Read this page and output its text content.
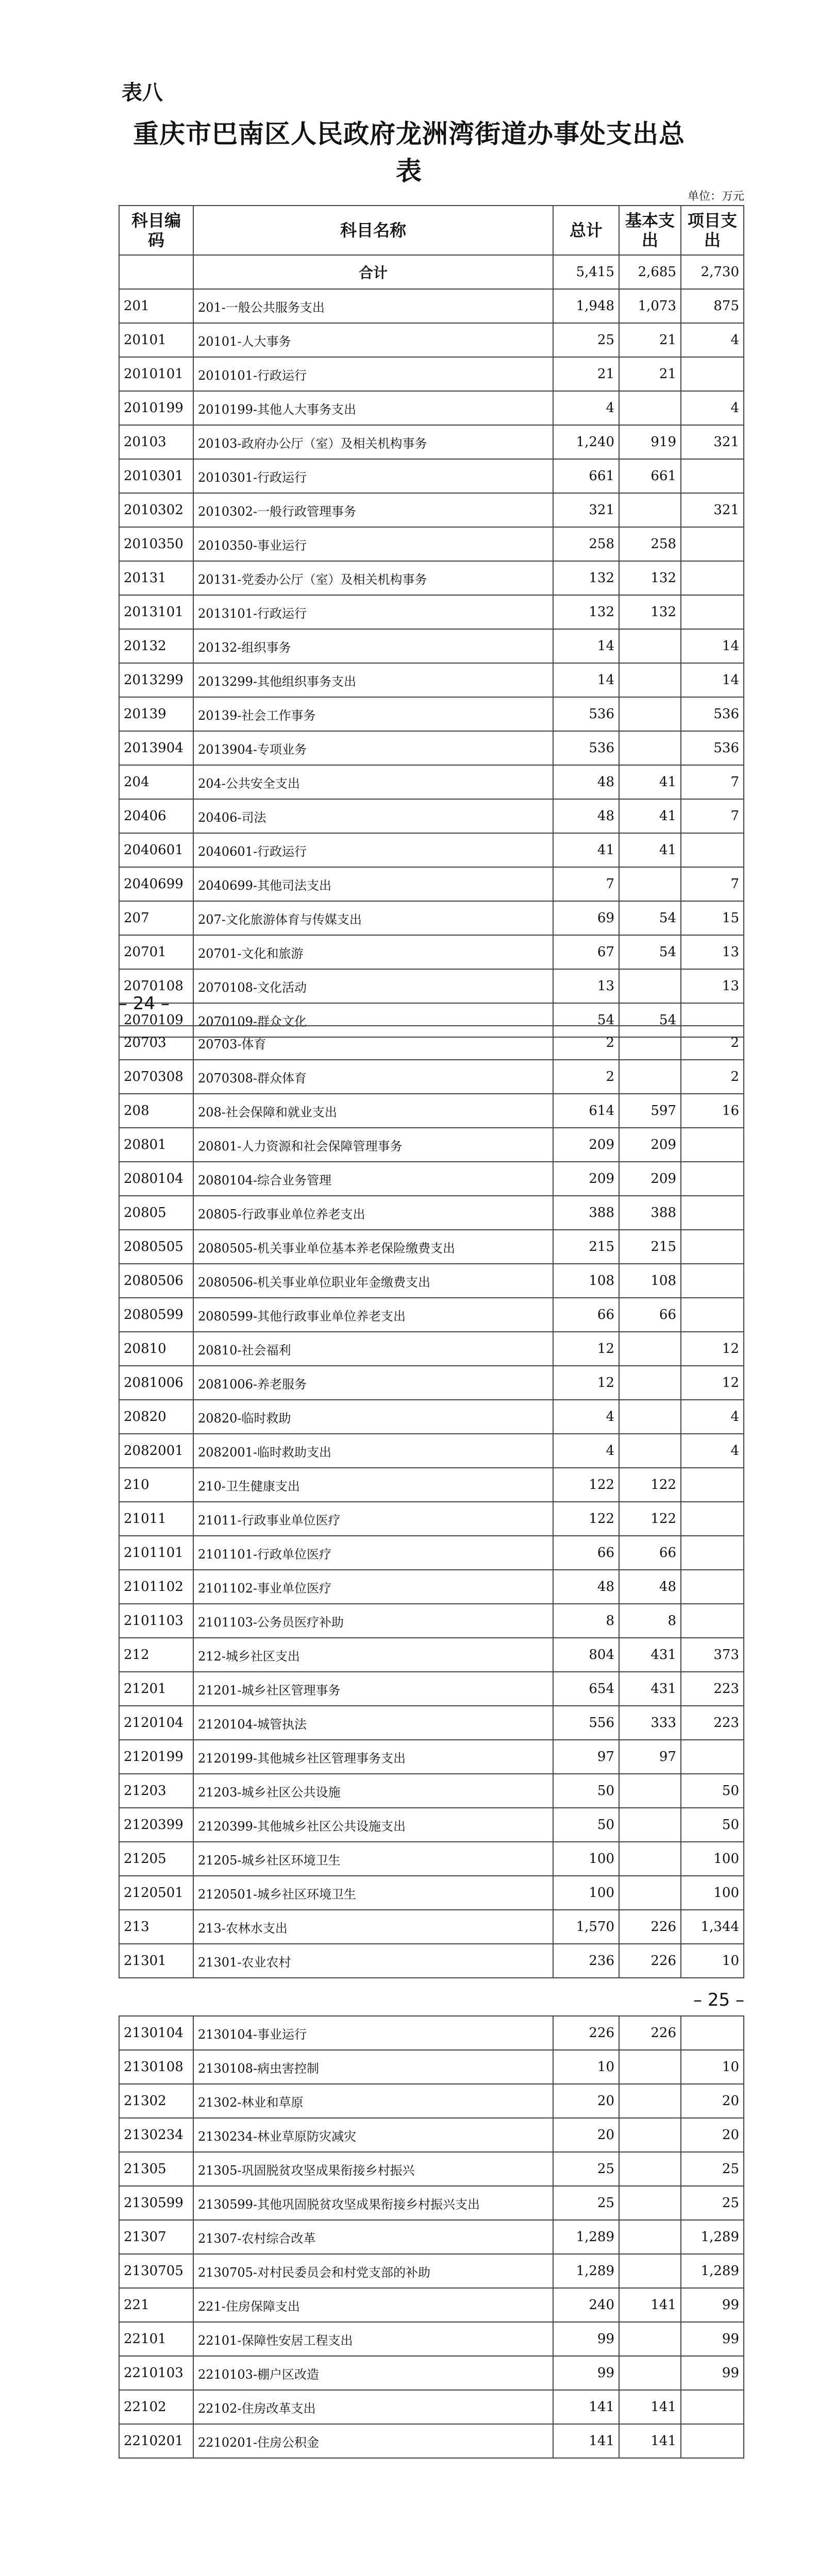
表八
重庆市巴南区人民政府龙洲湾街道办事处支出总表
单位：万元
科目编码	科目名称	总计	基本支出	项目支出
	合计	5,415	2,685	2,730
201	201-一般公共服务支出	1,948	1,073	875
20101	20101-人大事务	25	21	4
2010101	2010101-行政运行	21	21	
2010199	2010199-其他人大事务支出	4		4
20103	20103-政府办公厅（室）及相关机构事务	1,240	919	321
2010301	2010301-行政运行	661	661	
2010302	2010302-一般行政管理事务	321		321
2010350	2010350-事业运行	258	258	
20131	20131-党委办公厅（室）及相关机构事务	132	132	
2013101	2013101-行政运行	132	132	
20132	20132-组织事务	14		14
2013299	2013299-其他组织事务支出	14		14
20139	20139-社会工作事务	536		536
2013904	2013904-专项业务	536		536
204	204-公共安全支出	48	41	7
20406	20406-司法	48	41	7
2040601	2040601-行政运行	41	41	
2040699	2040699-其他司法支出	7		7
207	207-文化旅游体育与传媒支出	69	54	15
20701	20701-文化和旅游	67	54	13
2070108	2070108-文化活动	13		13
2070109	2070109-群众文化	54	54	
– 24 –
20703	20703-体育	2		2
2070308	2070308-群众体育	2		2
208	208-社会保障和就业支出	614	597	16
20801	20801-人力资源和社会保障管理事务	209	209	
2080104	2080104-综合业务管理	209	209	
20805	20805-行政事业单位养老支出	388	388	
2080505	2080505-机关事业单位基本养老保险缴费支出	215	215	
2080506	2080506-机关事业单位职业年金缴费支出	108	108	
2080599	2080599-其他行政事业单位养老支出	66	66	
20810	20810-社会福利	12		12
2081006	2081006-养老服务	12		12
20820	20820-临时救助	4		4
2082001	2082001-临时救助支出	4		4
210	210-卫生健康支出	122	122	
21011	21011-行政事业单位医疗	122	122	
2101101	2101101-行政单位医疗	66	66	
2101102	2101102-事业单位医疗	48	48	
2101103	2101103-公务员医疗补助	8	8	
212	212-城乡社区支出	804	431	373
21201	21201-城乡社区管理事务	654	431	223
2120104	2120104-城管执法	556	333	223
2120199	2120199-其他城乡社区管理事务支出	97	97	
21203	21203-城乡社区公共设施	50		50
2120399	2120399-其他城乡社区公共设施支出	50		50
21205	21205-城乡社区环境卫生	100		100
2120501	2120501-城乡社区环境卫生	100		100
213	213-农林水支出	1,570	226	1,344
21301	21301-农业农村	236	226	10
– 25 –
2130104	2130104-事业运行	226	226	
2130108	2130108-病虫害控制	10		10
21302	21302-林业和草原	20		20
2130234	2130234-林业草原防灾减灾	20		20
21305	21305-巩固脱贫攻坚成果衔接乡村振兴	25		25
2130599	2130599-其他巩固脱贫攻坚成果衔接乡村振兴支出	25		25
21307	21307-农村综合改革	1,289		1,289
2130705	2130705-对村民委员会和村党支部的补助	1,289		1,289
221	221-住房保障支出	240	141	99
22101	22101-保障性安居工程支出	99		99
2210103	2210103-棚户区改造	99		99
22102	22102-住房改革支出	141	141	
2210201	2210201-住房公积金	141	141	
